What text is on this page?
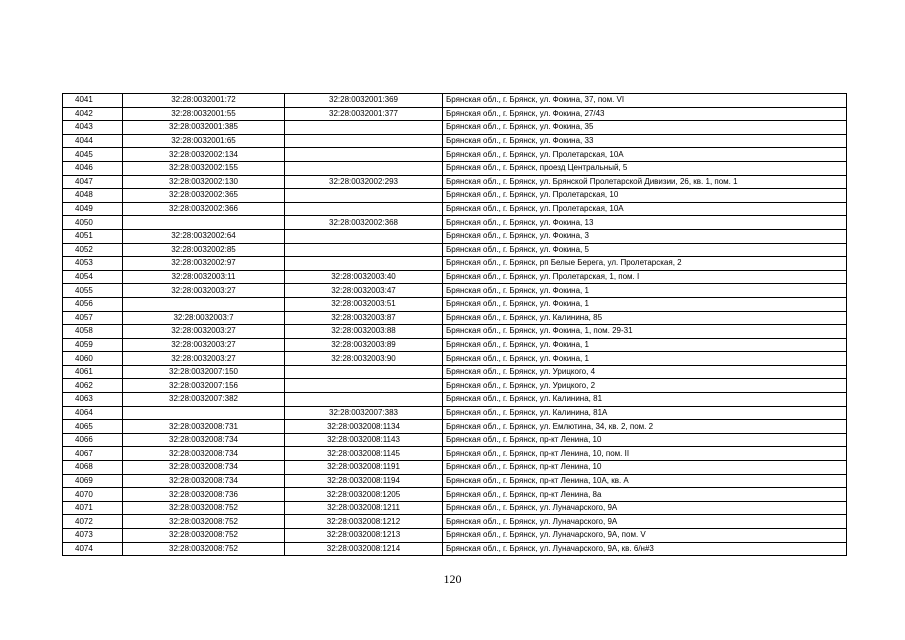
4041	32:28:0032001:72	32:28:0032001:369	Брянская обл., г. Брянск, ул. Фокина, 37, пом. VI
4042	32:28:0032001:55	32:28:0032001:377	Брянская обл., г. Брянск, ул. Фокина, 27/43
4043	32:28:0032001:385		Брянская обл., г. Брянск, ул. Фокина, 35
4044	32:28:0032001:65		Брянская обл., г. Брянск, ул. Фокина, 33
4045	32:28:0032002:134		Брянская обл., г. Брянск, ул. Пролетарская, 10А
4046	32:28:0032002:155		Брянская обл., г. Брянск, проезд Центральный, 5
4047	32:28:0032002:130	32:28:0032002:293	Брянская обл., г. Брянск, ул. Брянской Пролетарской Дивизии, 26, кв. 1, пом. 1
4048	32:28:0032002:365		Брянская обл., г. Брянск, ул. Пролетарская, 10
4049	32:28:0032002:366		Брянская обл., г. Брянск, ул. Пролетарская, 10А
4050		32:28:0032002:368	Брянская обл., г. Брянск, ул. Фокина, 13
4051	32:28:0032002:64		Брянская обл., г. Брянск, ул. Фокина, 3
4052	32:28:0032002:85		Брянская обл., г. Брянск, ул. Фокина, 5
4053	32:28:0032002:97		Брянская обл., г. Брянск, рп Белые Берега, ул. Пролетарская, 2
4054	32:28:0032003:11	32:28:0032003:40	Брянская обл., г. Брянск, ул. Пролетарская, 1, пом. I
4055	32:28:0032003:27	32:28:0032003:47	Брянская обл., г. Брянск, ул. Фокина, 1
4056		32:28:0032003:51	Брянская обл., г. Брянск, ул. Фокина, 1
4057	32:28:0032003:7	32:28:0032003:87	Брянская обл., г. Брянск, ул. Калинина, 85
4058	32:28:0032003:27	32:28:0032003:88	Брянская обл., г. Брянск, ул. Фокина, 1, пом. 29-31
4059	32:28:0032003:27	32:28:0032003:89	Брянская обл., г. Брянск, ул. Фокина, 1
4060	32:28:0032003:27	32:28:0032003:90	Брянская обл., г. Брянск, ул. Фокина, 1
4061	32:28:0032007:150		Брянская обл., г. Брянск, ул. Урицкого, 4
4062	32:28:0032007:156		Брянская обл., г. Брянск, ул. Урицкого, 2
4063	32:28:0032007:382		Брянская обл., г. Брянск, ул. Калинина, 81
4064		32:28:0032007:383	Брянская обл., г. Брянск, ул. Калинина, 81А
4065	32:28:0032008:731	32:28:0032008:1134	Брянская обл., г. Брянск, ул. Емлютина, 34, кв. 2, пом. 2
4066	32:28:0032008:734	32:28:0032008:1143	Брянская обл., г. Брянск, пр-кт Ленина, 10
4067	32:28:0032008:734	32:28:0032008:1145	Брянская обл., г. Брянск, пр-кт Ленина, 10, пом. II
4068	32:28:0032008:734	32:28:0032008:1191	Брянская обл., г. Брянск, пр-кт Ленина, 10
4069	32:28:0032008:734	32:28:0032008:1194	Брянская обл., г. Брянск, пр-кт Ленина, 10А, кв. А
4070	32:28:0032008:736	32:28:0032008:1205	Брянская обл., г. Брянск, пр-кт Ленина, 8а
4071	32:28:0032008:752	32:28:0032008:1211	Брянская обл., г. Брянск, ул. Луначарского, 9А
4072	32:28:0032008:752	32:28:0032008:1212	Брянская обл., г. Брянск, ул. Луначарского, 9А
4073	32:28:0032008:752	32:28:0032008:1213	Брянская обл., г. Брянск, ул. Луначарского, 9А, пом. V
4074	32:28:0032008:752	32:28:0032008:1214	Брянская обл., г. Брянск, ул. Луначарского, 9А, кв. 6/н#3
120
